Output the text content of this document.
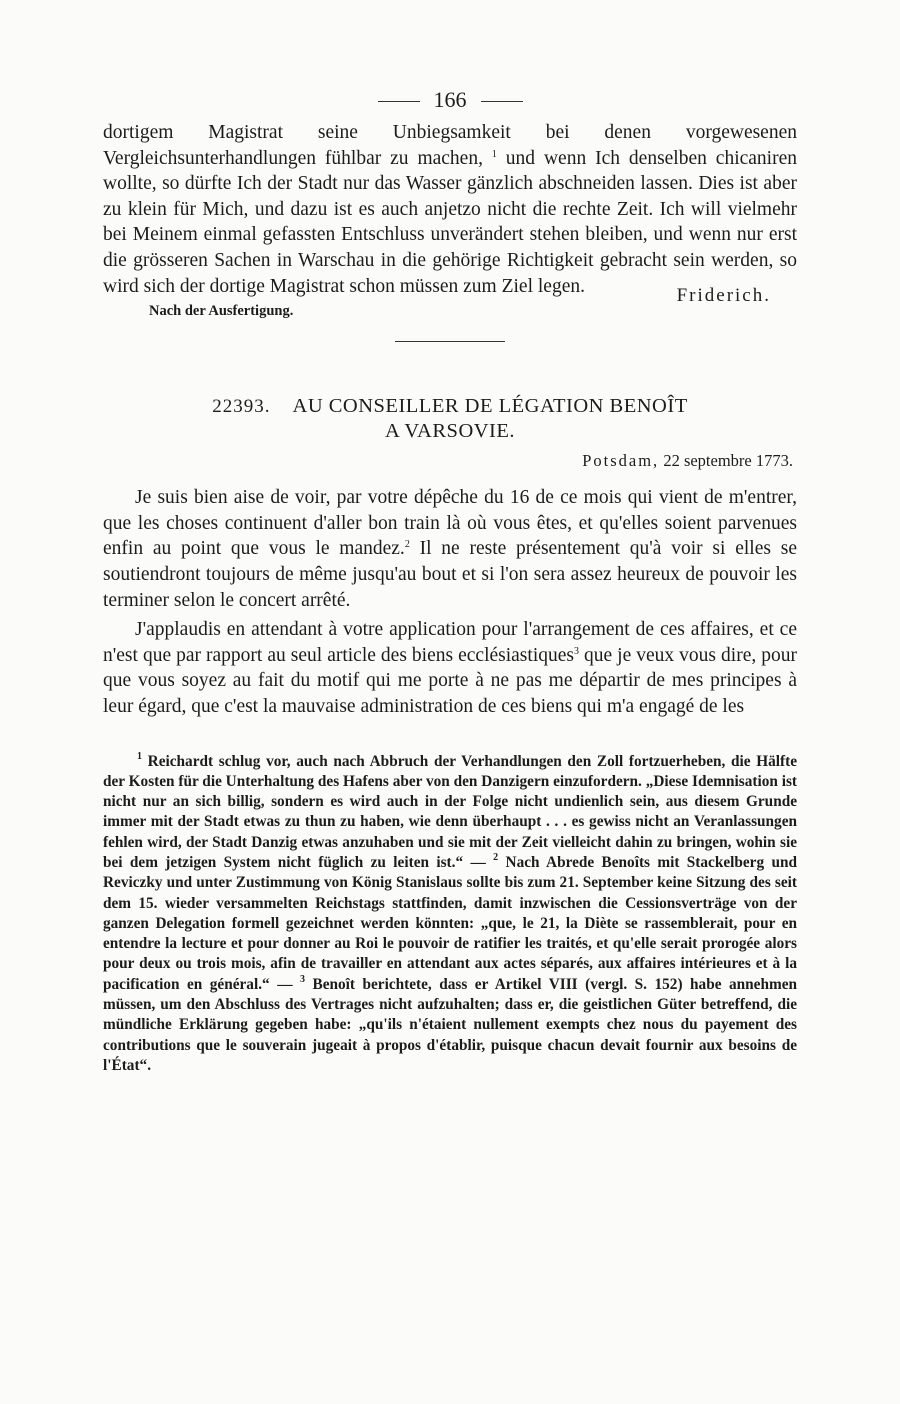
166

dortigem Magistrat seine Unbiegsamkeit bei denen vorgewesenen Vergleichsunterhandlungen fühlbar zu machen, $^1$ und wenn Ich denselben chicaniren wollte, so dürfte Ich der Stadt nur das Wasser gänzlich abschneiden lassen. Dies ist aber zu klein für Mich, und dazu ist es auch anjetzo nicht die rechte Zeit. Ich will vielmehr bei Meinem einmal gefassten Entschluss unverändert stehen bleiben, und wenn nur erst die grösseren Sachen in Warschau in die gehörige Richtigkeit gebracht sein werden, so wird sich der dortige Magistrat schon müssen zum Ziel legen.

Nach der Ausfertigung.
Friderich.
22393. AU CONSEILLER DE LÉGATION BENOÎT
A VARSOVIE.
Potsdam, 22 septembre 1773.

Je suis bien aise de voir, par votre dépêche du 16 de ce mois qui vient de m'entrer, que les choses continuent d'aller bon train là où vous êtes, et qu'elles soient parvenues enfin au point que vous le mandez.$^2$ Il ne reste présentement qu'à voir si elles se soutiendront toujours de même jusqu'au bout et si l'on sera assez heureux de pouvoir les terminer selon le concert arrêté.

J'applaudis en attendant à votre application pour l'arrangement de ces affaires, et ce n'est que par rapport au seul article des biens ecclésiastiques$^3$ que je veux vous dire, pour que vous soyez au fait du motif qui me porte à ne pas me départir de mes principes à leur égard, que c'est la mauvaise administration de ces biens qui m'a engagé de les

$^1$ Reichardt schlug vor, auch nach Abbruch der Verhandlungen den Zoll fortzuerheben, die Hälfte der Kosten für die Unterhaltung des Hafens aber von den Danzigern einzufordern. „Diese Idemnisation ist nicht nur an sich billig, sondern es wird auch in der Folge nicht undienlich sein, aus diesem Grunde immer mit der Stadt etwas zu thun zu haben, wie denn überhaupt . . . es gewiss nicht an Veranlassungen fehlen wird, der Stadt Danzig etwas anzuhaben und sie mit der Zeit vielleicht dahin zu bringen, wohin sie bei dem jetzigen System nicht füglich zu leiten ist.“ — $^2$ Nach Abrede Benoîts mit Stackelberg und Reviczky und unter Zustimmung von König Stanislaus sollte bis zum 21. September keine Sitzung des seit dem 15. wieder versammelten Reichstags stattfinden, damit inzwischen die Cessionsverträge von der ganzen Delegation formell gezeichnet werden könnten: „que, le 21, la Diète se rassemblerait, pour en entendre la lecture et pour donner au Roi le pouvoir de ratifier les traités, et qu'elle serait prorogée alors pour deux ou trois mois, afin de travailler en attendant aux actes séparés, aux affaires intérieures et à la pacification en général.“ — $^3$ Benoît berichtete, dass er Artikel VIII (vergl. S. 152) habe annehmen müssen, um den Abschluss des Vertrages nicht aufzuhalten; dass er, die geistlichen Güter betreffend, die mündliche Erklärung gegeben habe: „qu'ils n'étaient nullement exempts chez nous du payement des contributions que le souverain jugeait à propos d'établir, puisque chacun devait fournir aux besoins de l'État“.
